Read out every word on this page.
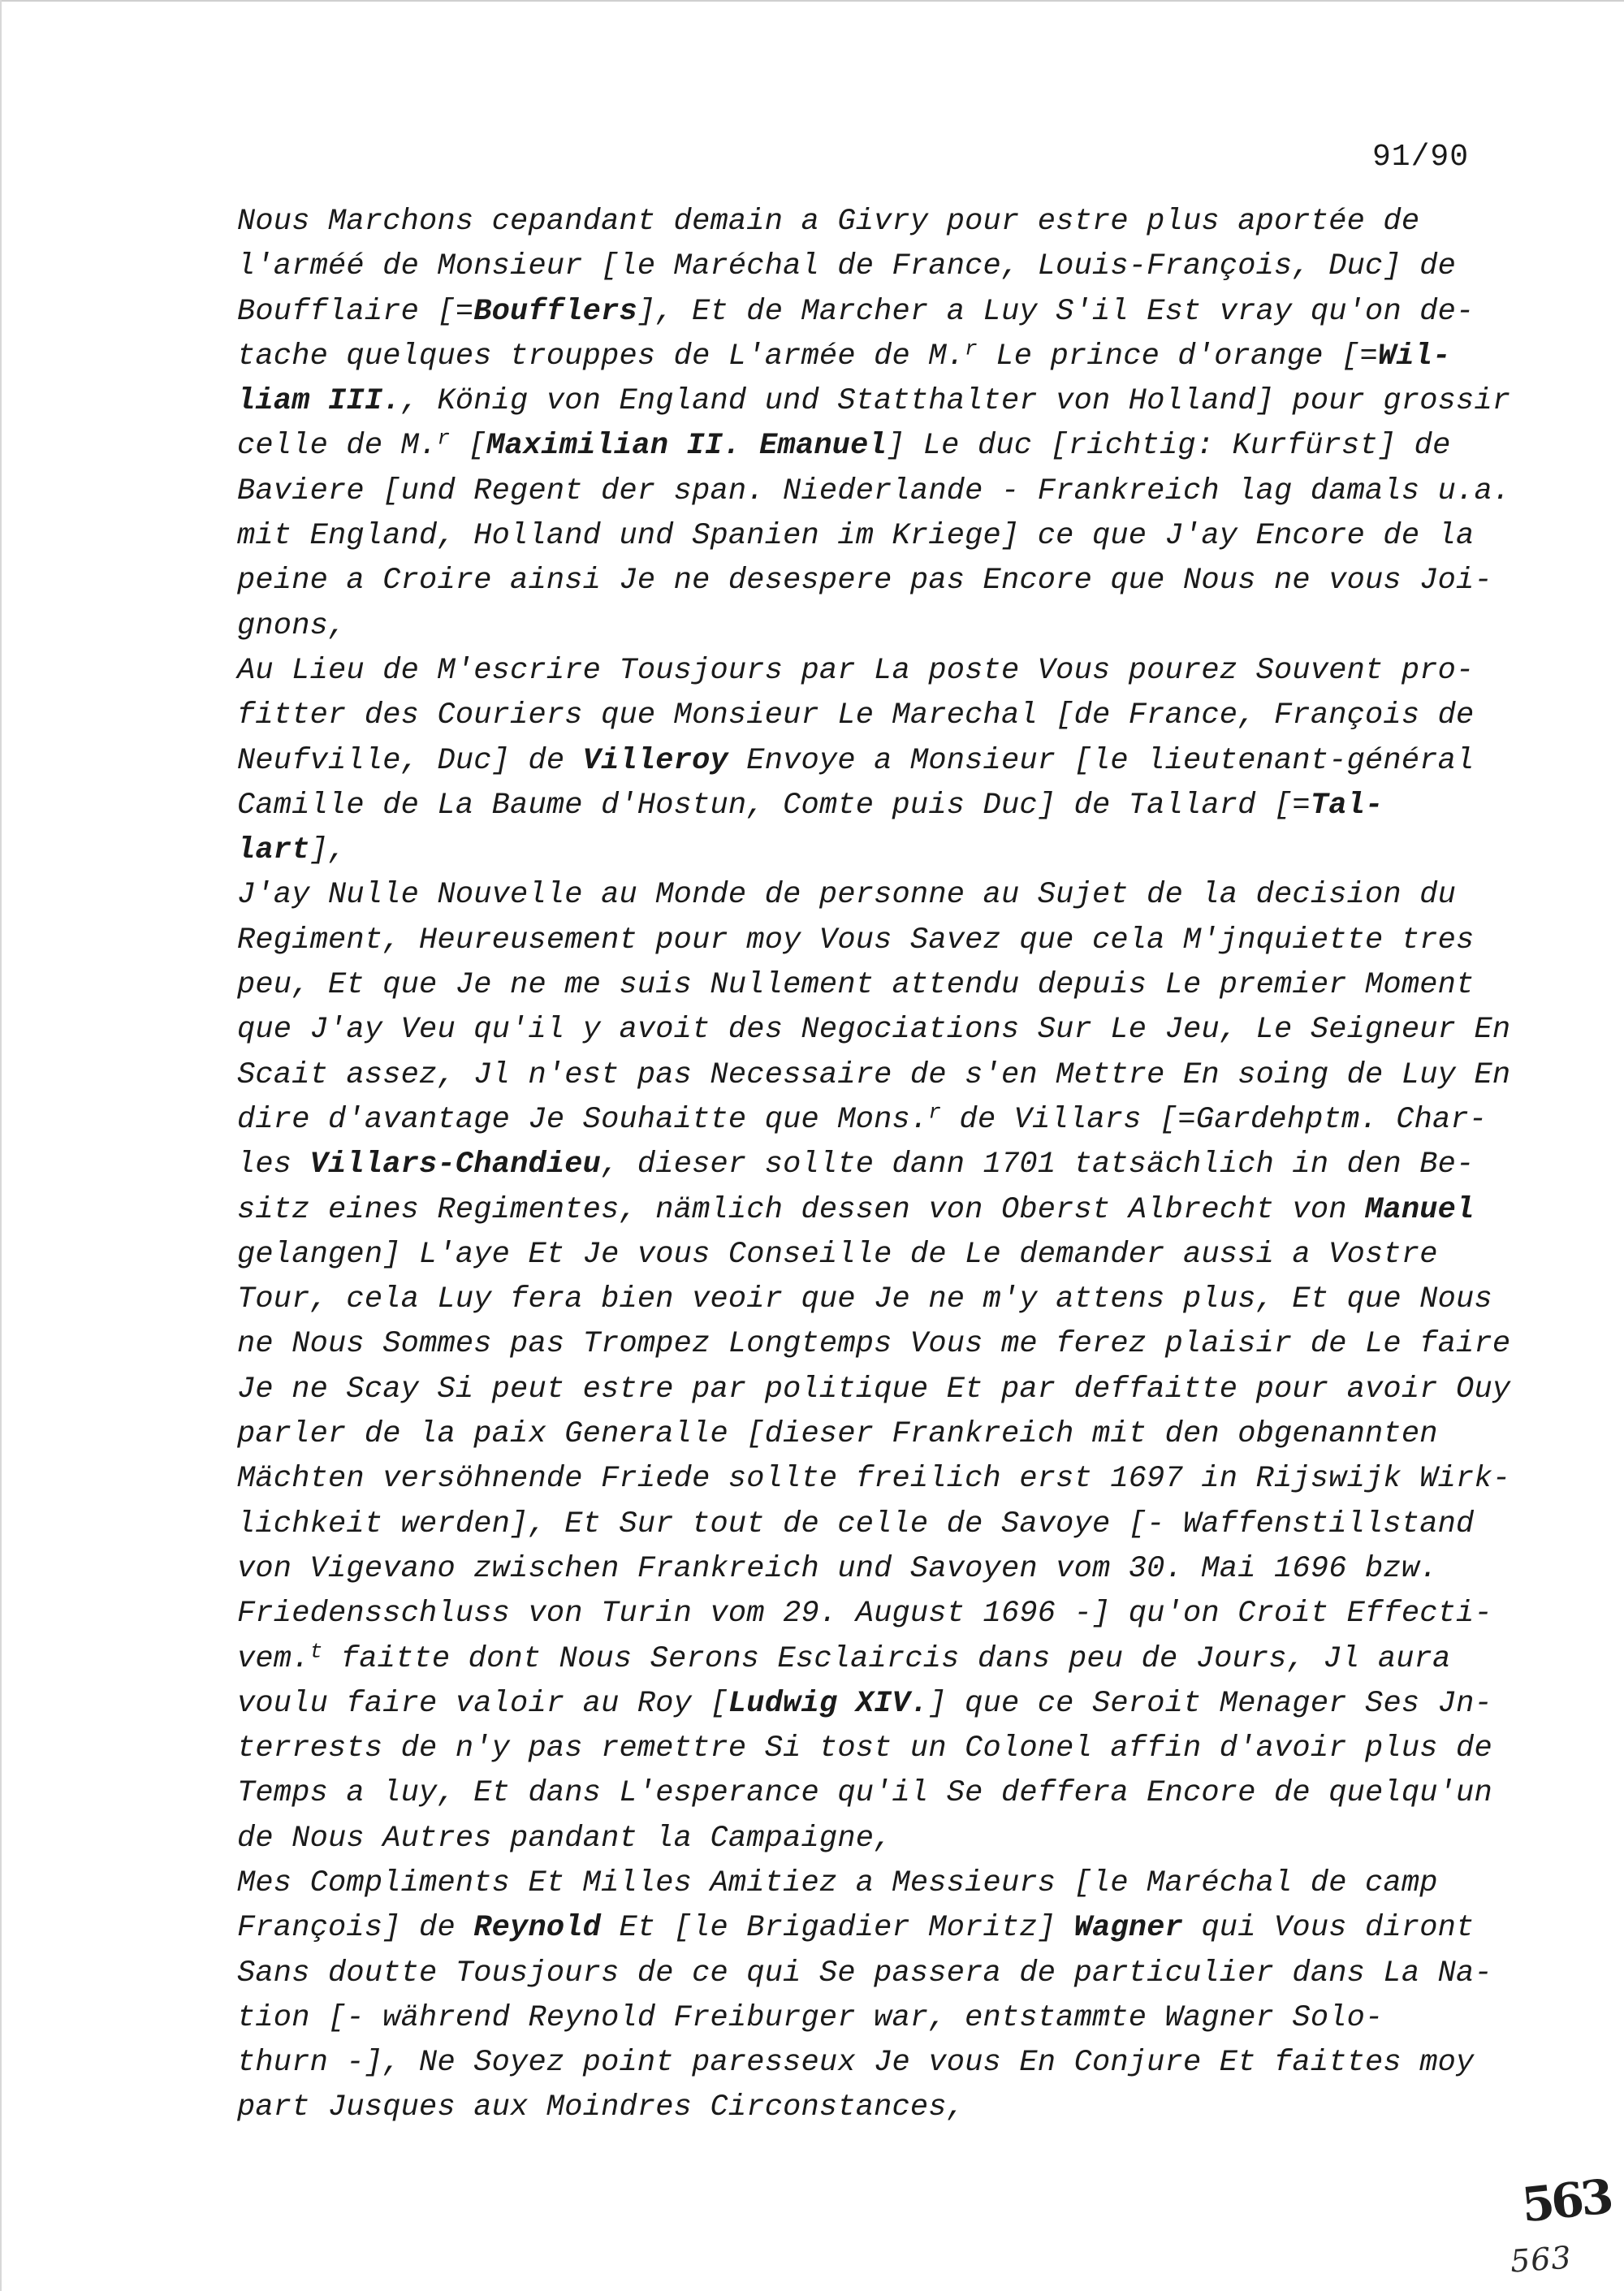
91/90
Nous Marchons cepandant demain a Givry pour estre plus aportée de
l'arméé de Monsieur [le Maréchal de France, Louis-François, Duc] de
Boufflaire [=Boufflers], Et de Marcher a Luy S'il Est vray qu'on de-
tache quelques trouppes de L'armée de M.$^r$ Le prince d'orange [=Wil-
liam III., König von England und Statthalter von Holland] pour grossir
celle de M.$^r$ [Maximilian II. Emanuel] Le duc [richtig: Kurfürst] de
Baviere [und Regent der span. Niederlande - Frankreich lag damals u.a.
mit England, Holland und Spanien im Kriege] ce que J'ay Encore de la
peine a Croire ainsi Je ne desespere pas Encore que Nous ne vous Joi-
gnons,
Au Lieu de M'escrire Tousjours par La poste Vous pourez Souvent pro-
fitter des Couriers que Monsieur Le Marechal [de France, François de
Neufville, Duc] de Villeroy Envoye a Monsieur [le lieutenant-général
Camille de La Baume d'Hostun, Comte puis Duc] de Tallard [=Tal-
lart],
J'ay Nulle Nouvelle au Monde de personne au Sujet de la decision du
Regiment, Heureusement pour moy Vous Savez que cela M'jnquiette tres
peu, Et que Je ne me suis Nullement attendu depuis Le premier Moment
que J'ay Veu qu'il y avoit des Negociations Sur Le Jeu, Le Seigneur En
Scait assez, Jl n'est pas Necessaire de s'en Mettre En soing de Luy En
dire d'avantage Je Souhaitte que Mons.$^r$ de Villars [=Gardehptm. Char-
les Villars-Chandieu, dieser sollte dann 1701 tatsächlich in den Be-
sitz eines Regimentes, nämlich dessen von Oberst Albrecht von Manuel
gelangen] L'aye Et Je vous Conseille de Le demander aussi a Vostre
Tour, cela Luy fera bien veoir que Je ne m'y attens plus, Et que Nous
ne Nous Sommes pas Trompez Longtemps Vous me ferez plaisir de Le faire
Je ne Scay Si peut estre par politique Et par deffaitte pour avoir Ouy
parler de la paix Generalle [dieser Frankreich mit den obgenannten
Mächten versöhnende Friede sollte freilich erst 1697 in Rijswijk Wirk-
lichkeit werden], Et Sur tout de celle de Savoye [- Waffenstillstand
von Vigevano zwischen Frankreich und Savoyen vom 30. Mai 1696 bzw.
Friedensschluss von Turin vom 29. August 1696 -] qu'on Croit Effecti-
vem.$^t$ faitte dont Nous Serons Esclaircis dans peu de Jours, Jl aura
voulu faire valoir au Roy [Ludwig XIV.] que ce Seroit Menager Ses Jn-
terrests de n'y pas remettre Si tost un Colonel affin d'avoir plus de
Temps a luy, Et dans L'esperance qu'il Se deffera Encore de quelqu'un
de Nous Autres pandant la Campaigne,
Mes Compliments Et Milles Amitiez a Messieurs [le Maréchal de camp
François] de Reynold Et [le Brigadier Moritz] Wagner qui Vous diront
Sans doutte Tousjours de ce qui Se passera de particulier dans La Na-
tion [- während Reynold Freiburger war, entstammte Wagner Solo-
thurn -], Ne Soyez point paresseux Je vous En Conjure Et faittes moy
part Jusques aux Moindres Circonstances,
563
563
